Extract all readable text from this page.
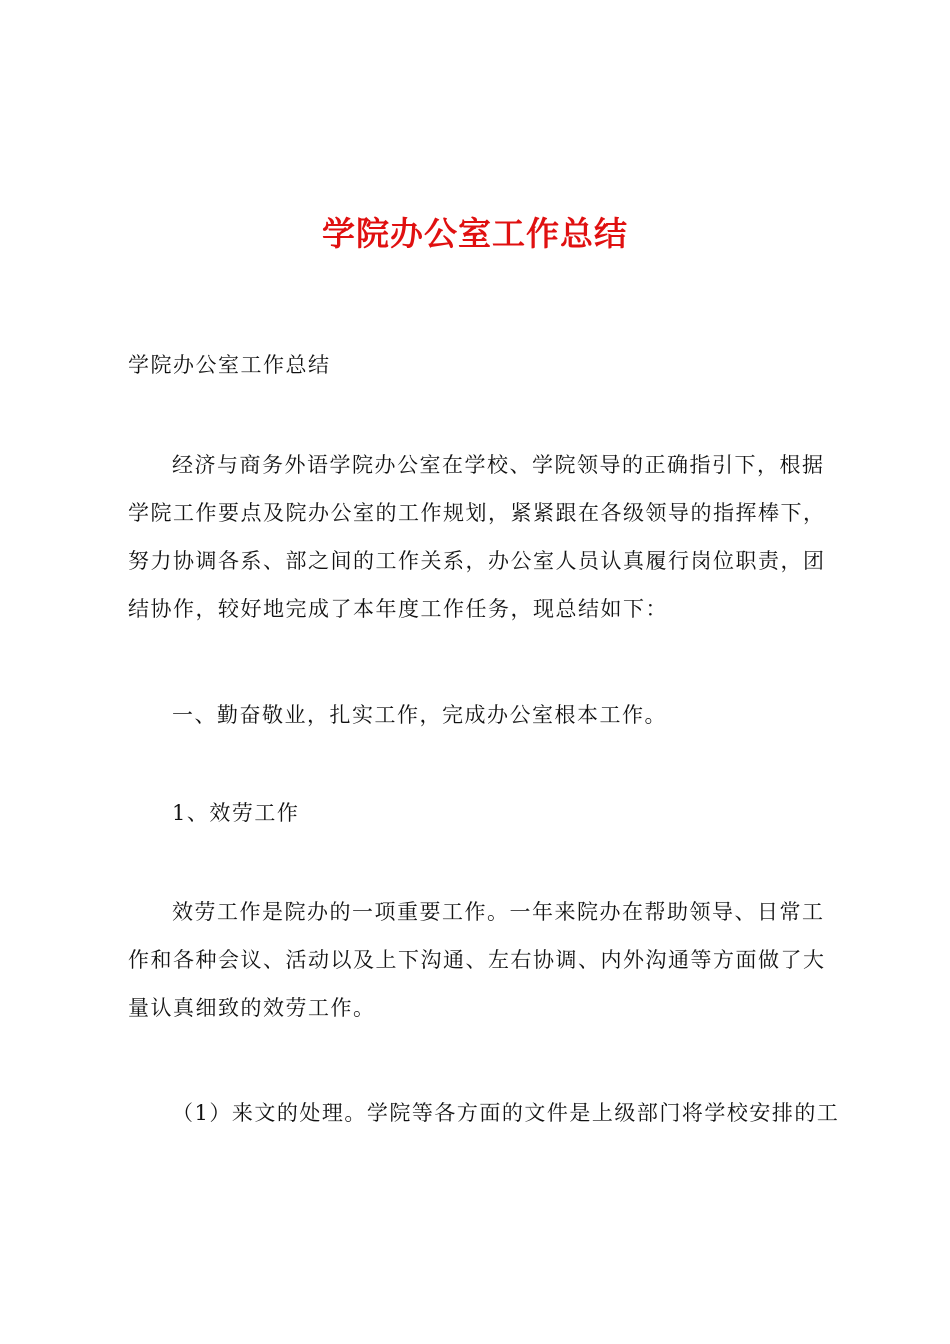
学院办公室工作总结
学院办公室工作总结
经济与商务外语学院办公室在学校、学院领导的正确指引下，根据
学院工作要点及院办公室的工作规划，紧紧跟在各级领导的指挥棒下，
努力协调各系、部之间的工作关系，办公室人员认真履行岗位职责，团
结协作，较好地完成了本年度工作任务，现总结如下：
一、勤奋敬业，扎实工作，完成办公室根本工作。
1、效劳工作
效劳工作是院办的一项重要工作。一年来院办在帮助领导、日常工
作和各种会议、活动以及上下沟通、左右协调、内外沟通等方面做了大
量认真细致的效劳工作。
（1）来文的处理。学院等各方面的文件是上级部门将学校安排的工
